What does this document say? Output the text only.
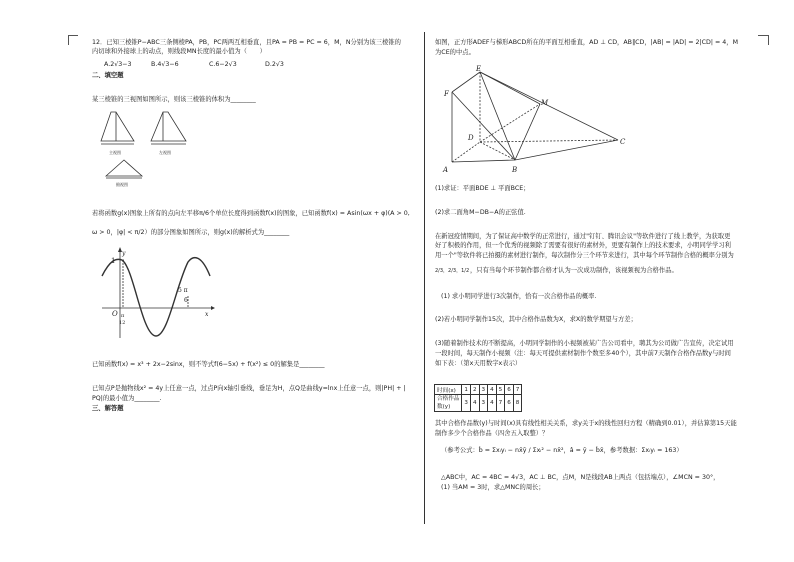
12．已知三棱锥P−ABC三条侧棱PA，PB，PC两两互相垂直，且PA = PB = PC = 6，M，N分别为该三棱锥的
内切球和外接球上的动点，则线段MN长度的最小值为（　　）
A.2√3−3	B.4√3−6	C.6−2√3	D.2√3
二、填空题
某三棱锥的三视图如图所示，则该三棱锥的体积为________
主视图	左视图
俯视图
若将函数g(x)图象上所有的点向左平移π/6个单位长度得到函数f(x)的图象，已知函数f(x) = Asin(ωx + φ)(A > 0,
ω > 0，|φ| < π/2）的部分图象如图所示，则g(x)的解析式为________
1
y
O	x
π
12
5 π
6
已知函数f(x) = x³ + 2x−2sinx，则不等式f(6−5x) + f(x²) ≤ 0的解集是________
已知点P是抛物线x² = 4y上任意一点，过点P向x轴引垂线，垂足为H，点Q是曲线y=lnx上任意一点，则|PH| + |
PQ|的最小值为________.
三、解答题
如图，正方形ADEF与梯形ABCD所在的平面互相垂直，AD ⊥ CD，AB∥CD，|AB| = |AD| = 2|CD| = 4，M
为CE的中点。
E
F
M
D	C
A	B
(1)求证：平面BDE ⊥ 平面BCE；
(2)求二面角M−DB−A的正弦值.
在新冠疫情期间，为了保证高中数学的正常进行，通过"钉钉、腾讯会议"等软件进行了线上教学，为获取更
好了积极的作用，但一个优秀的视频除了需要有很好的素材外，更要有制作上的技术要求，小明同学学习利
用一个"等软件将已拍摄的素材进行制作，每次制作分三个环节来进行，其中每个环节制作合格的概率分别为
2/3，2/3，1/2 ，只有当每个环节制作都合格才认为一次成功制作，该视频视为合格作品。
(1) 求小明同学进行3次制作，恰有一次合格作品的概率.
(2)若小明同学制作15次，其中合格作品数为X，求X的数学期望与方差；
(3)随着制作技术的不断提高，小明同学制作的小视频被某广告公司看中，聘其为公司做广告宣传，决定试用
一段时间，每天制作小视频（注：每天可提供素材制作个数至多40个），其中前7天制作合格作品数y与时间
如下表：（第x天用数字x表示）
时间(x)	1	2	3	4	5	6	7
合格作品
数(y)	3	4	3	4	7	6	8
其中合格作品数(y)与时间(x)具有线性相关关系，求y关于x的线性回归方程（精确到0.01），并估算第15天能
制作多少个合格作品（四舍五入取整）？
（参考公式：b̂ = Σxᵢyᵢ − nx̄ȳ / Σxᵢ² − nx̄²，â = ȳ − b̂x̄，参考数据：Σxᵢyᵢ = 163）
△ABC中，AC = 4BC = 4√3，AC ⊥ BC，点M，N是线段AB上两点（包括端点），∠MCN = 30°，
(1) 当AM = 3时，求△MNC的周长；
